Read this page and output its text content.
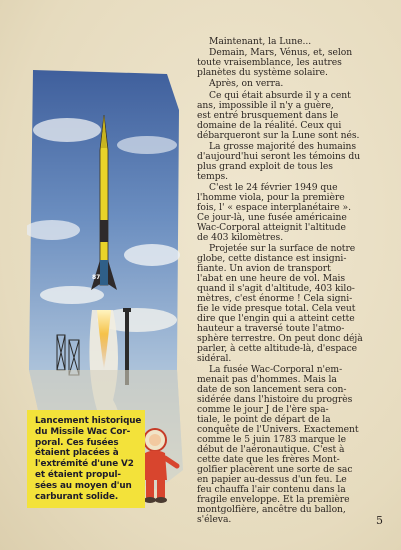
87
Lancement historique
du Missile Wac Cor-
poral. Ces fusées
étaient placées à
l'extrémité d'une V2
et étaient propul-
sées au moyen d'un
carburant solide.
Maintenant, la Lune...
Demain, Mars, Vénus, et, selon
toute vraisemblance, les autres
planètes du système solaire.
Après, on verra.
Ce qui était absurde il y a cent
ans, impossible il n'y a guère,
est entré brusquement dans le
domaine de la réalité. Ceux qui
débarqueront sur la Lune sont nés.
La grosse majorité des humains
d'aujourd'hui seront les témoins du
plus grand exploit de tous les
temps.
C'est le 24 février 1949 que
l'homme viola, pour la première
fois, l' « espace interplanétaire ».
Ce jour-là, une fusée américaine
Wac-Corporal atteignit l'altitude
de 403 kilomètres.
Projetée sur la surface de notre
globe, cette distance est insigni-
fiante. Un avion de transport
l'abat en une heure de vol. Mais
quand il s'agit d'altitude, 403 kilo-
mètres, c'est énorme ! Cela signi-
fie le vide presque total. Cela veut
dire que l'engin qui a atteint cette
hauteur a traversé toute l'atmo-
sphère terrestre. On peut donc déjà
parler, à cette altitude-là, d'espace
sidéral.
La fusée Wac-Corporal n'em-
menait pas d'hommes. Mais la
date de son lancement sera con-
sidérée dans l'histoire du progrès
comme le jour J de l'ère spa-
tiale, le point de départ de la
conquête de l'Univers. Exactement
comme le 5 juin 1783 marque le
début de l'aéronautique. C'est à
cette date que les frères Mont-
golfier placèrent une sorte de sac
en papier au-dessus d'un feu. Le
feu chauffa l'air contenu dans la
fragile enveloppe. Et la première
montgolfière, ancêtre du ballon,
s'éleva.	5
